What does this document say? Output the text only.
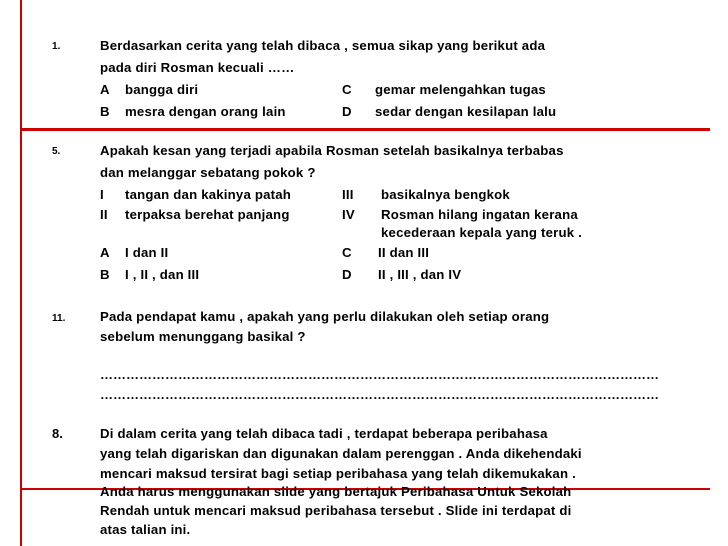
1.	Berdasarkan cerita yang telah dibaca , semua sikap yang berikut ada
pada diri Rosman kecuali ……
A bangga diri	C gemar melengahkan tugas
B mesra dengan orang lain	D sedar dengan kesilapan lalu
5.	Apakah kesan yang terjadi apabila Rosman setelah basikalnya terbabas
dan melanggar sebatang pokok ?
I tangan dan kakinya patah	III basikalnya bengkok
II terpaksa berehat panjang	IV Rosman hilang ingatan kerana
kecederaan kepala yang teruk .
A I dan II	C II dan III
B I , II , dan III	D II , III , dan IV
11.	Pada pendapat kamu , apakah yang perlu dilakukan oleh setiap orang
sebelum menunggang basikal ?
…………………………………………………………………………………………………………………
…………………………………………………………………………………………………………………
8.	Di dalam cerita yang telah dibaca tadi , terdapat beberapa peribahasa
yang telah digariskan dan digunakan dalam perenggan . Anda dikehendaki
mencari maksud tersirat bagi setiap peribahasa yang telah dikemukakan .
Anda harus menggunakan slide yang bertajuk Peribahasa Untuk Sekolah
Rendah untuk mencari maksud peribahasa tersebut . Slide ini terdapat di
atas talian ini.
